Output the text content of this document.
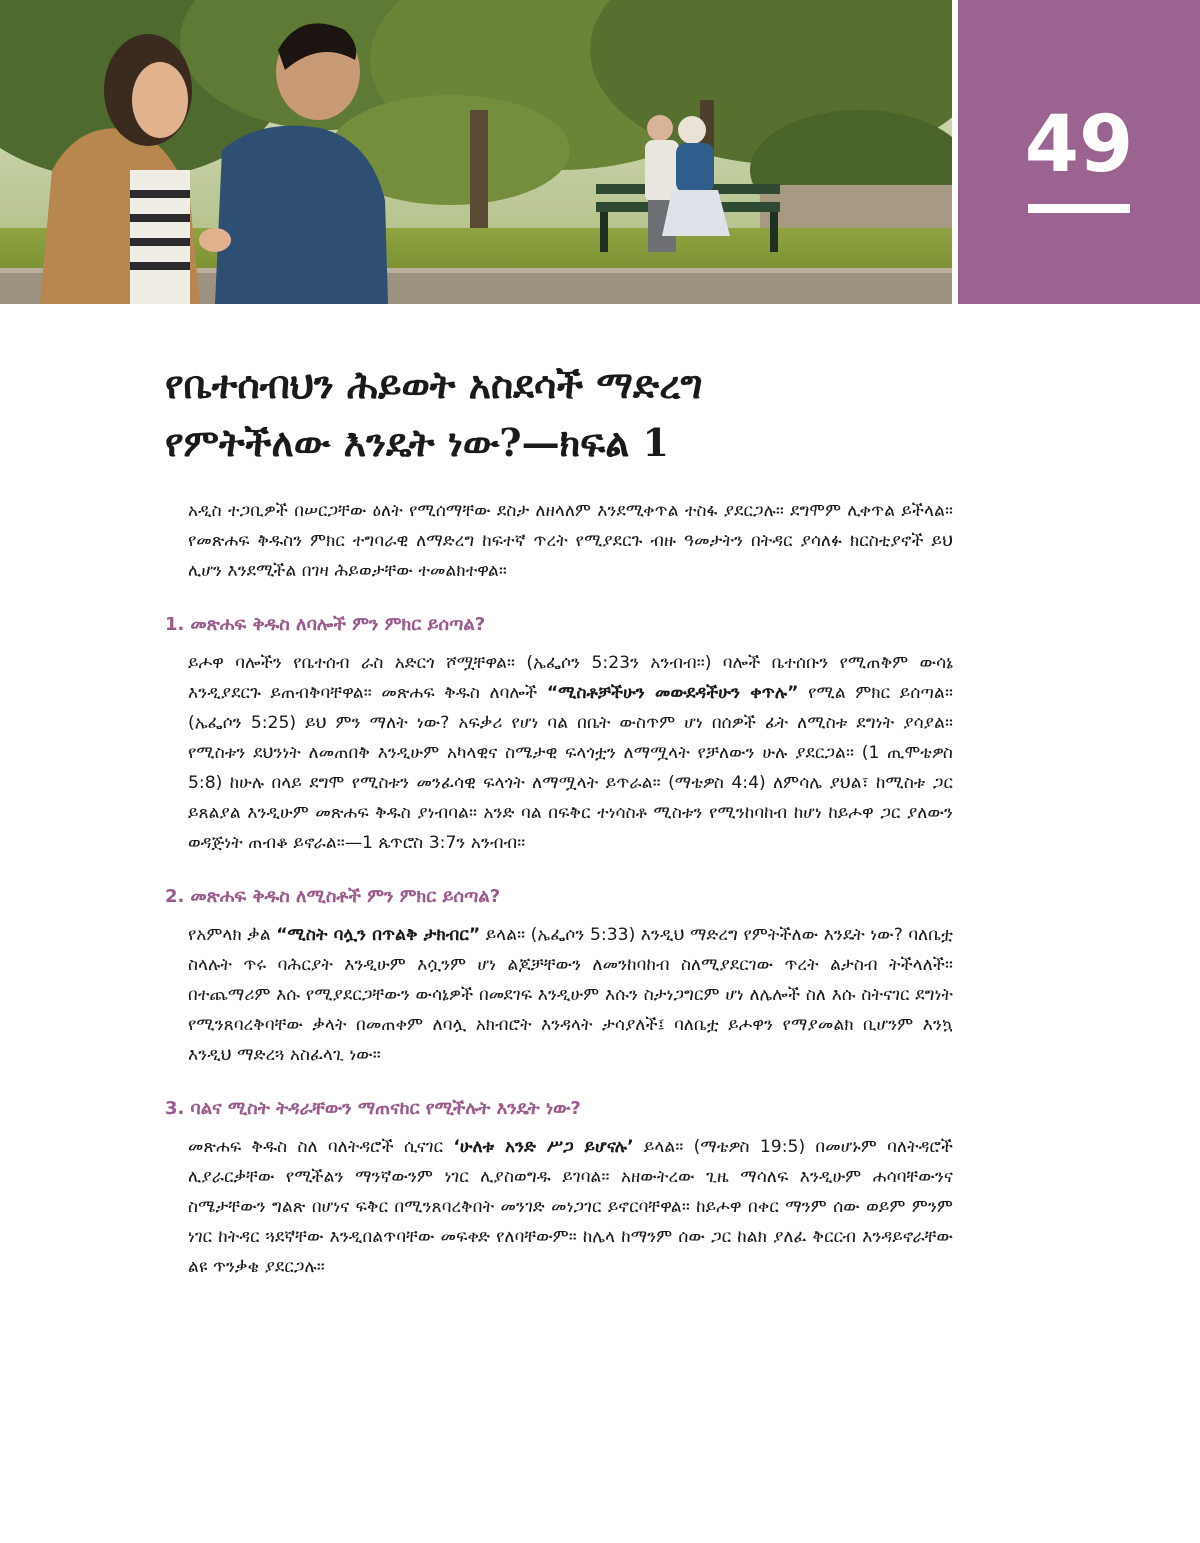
49
የቤተሰብህን ሕይወት አስደሳች ማድረግ
የምትችለው እንዴት ነው?—ክፍል 1

አዲስ ተጋቢዎች በሠርጋቸው ዕለት የሚሰማቸው ደስታ ለዘላለም እንደሚቀጥል ተስፋ ያደርጋሉ። ደግሞም ሊቀጥል ይችላል። የመጽሐፍ ቅዱስን ምክር ተግባራዊ ለማድረግ ከፍተኛ ጥረት የሚያደርጉ ብዙ ዓመታትን በትዳር ያሳለፉ ክርስቲያኖች ይህ ሊሆን እንደሚችል በገዛ ሕይወታቸው ተመልክተዋል።

1. መጽሐፍ ቅዱስ ለባሎች ምን ምክር ይሰጣል?

ይሖዋ ባሎችን የቤተሰብ ራስ አድርጎ ሾሟቸዋል። (ኤፌሶን 5:23ን አንብብ።) ባሎች ቤተሰቡን የሚጠቅም ውሳኔ እንዲያደርጉ ይጠብቅባቸዋል። መጽሐፍ ቅዱስ ለባሎች “ሚስቶቻችሁን መውደዳችሁን ቀጥሉ” የሚል ምክር ይሰጣል። (ኤፌሶን 5:25) ይህ ምን ማለት ነው? አፍቃሪ የሆነ ባል በቤት ውስጥም ሆነ በሰዎች ፊት ለሚስቱ ደግነት ያሳያል። የሚስቱን ደህንነት ለመጠበቅ እንዲሁም አካላዊና ስሜታዊ ፍላጎቷን ለማሟላት የቻለውን ሁሉ ያደርጋል። (1 ጢሞቴዎስ 5:8) ከሁሉ በላይ ደግሞ የሚስቱን መንፈሳዊ ፍላጎት ለማሟላት ይጥራል። (ማቴዎስ 4:4) ለምሳሌ ያህል፣ ከሚስቱ ጋር ይጸልያል እንዲሁም መጽሐፍ ቅዱስ ያነብባል። አንድ ባል በፍቅር ተነሳስቶ ሚስቱን የሚንከባከብ ከሆነ ከይሖዋ ጋር ያለውን ወዳጅነት ጠብቆ ይኖራል።—1 ጴጥሮስ 3:7ን አንብብ።

2. መጽሐፍ ቅዱስ ለሚስቶች ምን ምክር ይሰጣል?

የአምላክ ቃል “ሚስት ባሏን በጥልቅ ታክብር” ይላል። (ኤፌሶን 5:33) እንዲህ ማድረግ የምትችለው እንዴት ነው? ባለቤቷ ስላሉት ጥሩ ባሕርያት እንዲሁም እሷንም ሆነ ልጆቻቸውን ለመንከባከብ ስለሚያደርገው ጥረት ልታስብ ትችላለች። በተጨማሪም እሱ የሚያደርጋቸውን ውሳኔዎች በመደገፍ እንዲሁም እሱን ስታነጋግርም ሆነ ለሌሎች ስለ እሱ ስትናገር ደግነት የሚንጸባረቅባቸው ቃላት በመጠቀም ለባሏ አክብሮት እንዳላት ታሳያለች፤ ባለቤቷ ይሖዋን የማያመልክ ቢሆንም እንኳ እንዲህ ማድረጓ አስፈላጊ ነው።

3. ባልና ሚስት ትዳራቸውን ማጠናከር የሚችሉት እንዴት ነው?

መጽሐፍ ቅዱስ ስለ ባለትዳሮች ሲናገር ‘ሁለቱ አንድ ሥጋ ይሆናሉ’ ይላል። (ማቴዎስ 19:5) በመሆኑም ባለትዳሮች ሊያራርቃቸው የሚችልን ማንኛውንም ነገር ሊያስወግዱ ይገባል። አዘውትረው ጊዜ ማሳለፍ እንዲሁም ሐሳባቸውንና ስሜታቸውን ግልጽ በሆነና ፍቅር በሚንጸባረቅበት መንገድ መነጋገር ይኖርባቸዋል። ከይሖዋ በቀር ማንም ሰው ወይም ምንም ነገር ከትዳር ጓደኛቸው እንዲበልጥባቸው መፍቀድ የለባቸውም። ከሌላ ከማንም ሰው ጋር ከልክ ያለፈ ቅርርብ እንዳይኖራቸው ልዩ ጥንቃቄ ያደርጋሉ።
